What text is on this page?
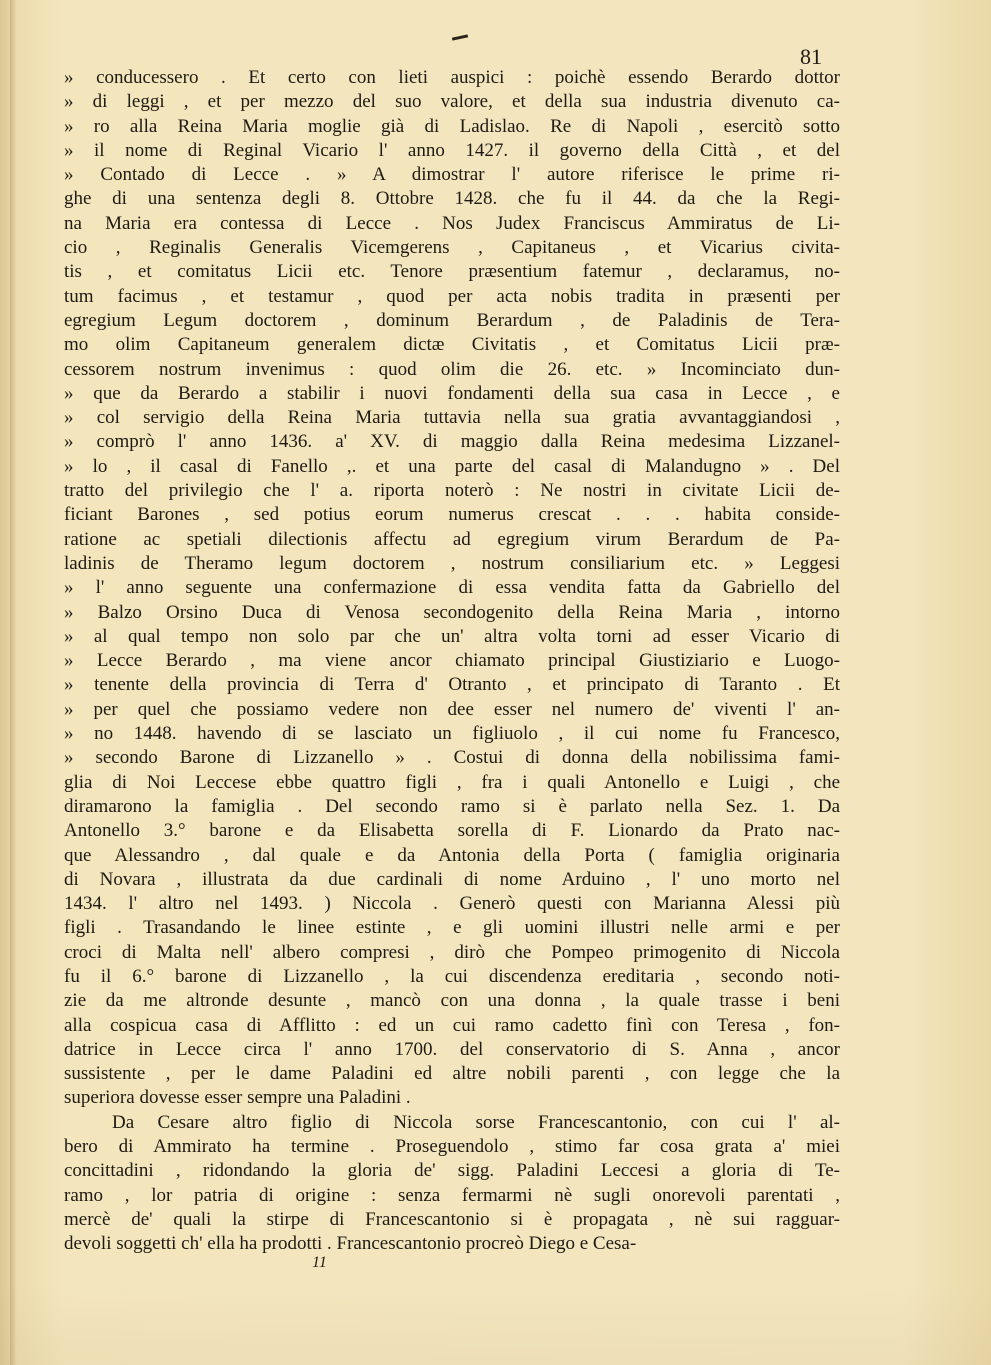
81
» conducessero . Et certo con lieti auspici : poichè essendo Berardo dottor
» di leggi , et per mezzo del suo valore, et della sua industria divenuto ca-
» ro alla Reina Maria moglie già di Ladislao. Re di Napoli , esercitò sotto
» il nome di Reginal Vicario l' anno 1427. il governo della Città , et del
» Contado di Lecce . » A dimostrar l' autore riferisce le prime ri-
ghe di una sentenza degli 8. Ottobre 1428. che fu il 44. da che la Regi-
na Maria era contessa di Lecce . Nos Judex Franciscus Ammiratus de Li-
cio , Reginalis Generalis Vicemgerens , Capitaneus , et Vicarius civita-
tis , et comitatus Licii etc. Tenore præsentium fatemur , declaramus, no-
tum facimus , et testamur , quod per acta nobis tradita in præsenti per
egregium Legum doctorem , dominum Berardum , de Paladinis de Tera-
mo olim Capitaneum generalem dictæ Civitatis , et Comitatus Licii præ-
cessorem nostrum invenimus : quod olim die 26. etc. » Incominciato dun-
» que da Berardo a stabilir i nuovi fondamenti della sua casa in Lecce , e
» col servigio della Reina Maria tuttavia nella sua gratia avvantaggiandosi ,
» comprò l' anno 1436. a' XV. di maggio dalla Reina medesima Lizzanel-
» lo , il casal di Fanello ,. et una parte del casal di Malandugno » . Del
tratto del privilegio che l' a. riporta noterò : Ne nostri in civitate Licii de-
ficiant Barones , sed potius eorum numerus crescat . . . habita conside-
ratione ac spetiali dilectionis affectu ad egregium virum Berardum de Pa-
ladinis de Theramo legum doctorem , nostrum consiliarium etc. » Leggesi
» l' anno seguente una confermazione di essa vendita fatta da Gabriello del
» Balzo Orsino Duca di Venosa secondogenito della Reina Maria , intorno
» al qual tempo non solo par che un' altra volta torni ad esser Vicario di
» Lecce Berardo , ma viene ancor chiamato principal Giustiziario e Luogo-
» tenente della provincia di Terra d' Otranto , et principato di Taranto . Et
» per quel che possiamo vedere non dee esser nel numero de' viventi l' an-
» no 1448. havendo di se lasciato un figliuolo , il cui nome fu Francesco,
» secondo Barone di Lizzanello » . Costui di donna della nobilissima fami-
glia di Noi Leccese ebbe quattro figli , fra i quali Antonello e Luigi , che
diramarono la famiglia . Del secondo ramo si è parlato nella Sez. 1. Da
Antonello 3.° barone e da Elisabetta sorella di F. Lionardo da Prato nac-
que Alessandro , dal quale e da Antonia della Porta ( famiglia originaria
di Novara , illustrata da due cardinali di nome Arduino , l' uno morto nel
1434. l' altro nel 1493. ) Niccola . Generò questi con Marianna Alessi più
figli . Trasandando le linee estinte , e gli uomini illustri nelle armi e per
croci di Malta nell' albero compresi , dirò che Pompeo primogenito di Niccola
fu il 6.° barone di Lizzanello , la cui discendenza ereditaria , secondo noti-
zie da me altronde desunte , mancò con una donna , la quale trasse i beni
alla cospicua casa di Afflitto : ed un cui ramo cadetto finì con Teresa , fon-
datrice in Lecce circa l' anno 1700. del conservatorio di S. Anna , ancor
sussistente , per le dame Paladini ed altre nobili parenti , con legge che la
superiora dovesse esser sempre una Paladini .
Da Cesare altro figlio di Niccola sorse Francescantonio, con cui l' al-
bero di Ammirato ha termine . Proseguendolo , stimo far cosa grata a' miei
concittadini , ridondando la gloria de' sigg. Paladini Leccesi a gloria di Te-
ramo , lor patria di origine : senza fermarmi nè sugli onorevoli parentati ,
mercè de' quali la stirpe di Francescantonio si è propagata , nè sui ragguar-
devoli soggetti ch' ella ha prodotti . Francescantonio procreò Diego e Cesa-
11
